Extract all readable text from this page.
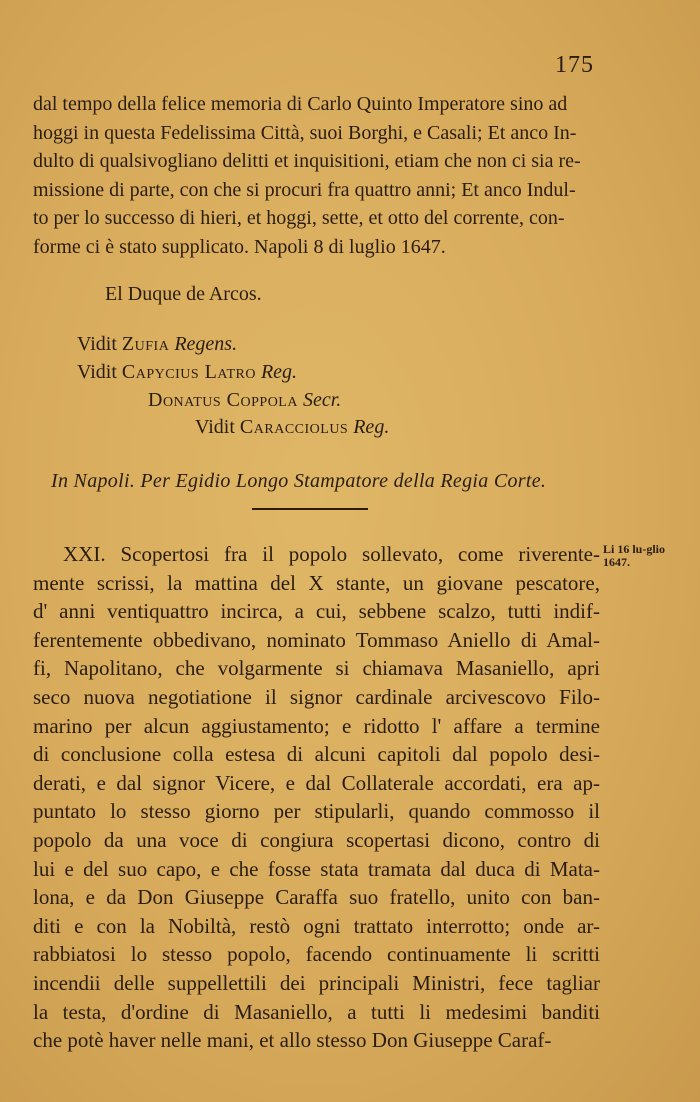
175
dal tempo della felice memoria di Carlo Quinto Imperatore sino ad
hoggi in questa Fedelissima Città, suoi Borghi, e Casali; Et anco In-
dulto di qualsivogliano delitti et inquisitioni, etiam che non ci sia re-
missione di parte, con che si procuri fra quattro anni; Et anco Indul-
to per lo successo di hieri, et hoggi, sette, et otto del corrente, con-
forme ci è stato supplicato. Napoli 8 di luglio 1647.
El Duque de Arcos.
Vidit Zufia Regens.
Vidit Capycius Latro Reg.
Donatus Coppola Secr.
Vidit Caracciolus Reg.
In Napoli. Per Egidio Longo Stampatore della Regia Corte.
Li 16 lu-glio 1647.
XXI. Scopertosi fra il popolo sollevato, come riverente-
mente scrissi, la mattina del X stante, un giovane pescatore,
d' anni ventiquattro incirca, a cui, sebbene scalzo, tutti indif-
ferentemente obbedivano, nominato Tommaso Aniello di Amal-
fi, Napolitano, che volgarmente si chiamava Masaniello, apri
seco nuova negotiatione il signor cardinale arcivescovo Filo-
marino per alcun aggiustamento; e ridotto l' affare a termine
di conclusione colla estesa di alcuni capitoli dal popolo desi-
derati, e dal signor Vicere, e dal Collaterale accordati, era ap-
puntato lo stesso giorno per stipularli, quando commosso il
popolo da una voce di congiura scopertasi dicono, contro di
lui e del suo capo, e che fosse stata tramata dal duca di Mata-
lona, e da Don Giuseppe Caraffa suo fratello, unito con ban-
diti e con la Nobiltà, restò ogni trattato interrotto; onde ar-
rabbiatosi lo stesso popolo, facendo continuamente li scritti
incendii delle suppellettili dei principali Ministri, fece tagliar
la testa, d'ordine di Masaniello, a tutti li medesimi banditi
che potè haver nelle mani, et allo stesso Don Giuseppe Caraf-
